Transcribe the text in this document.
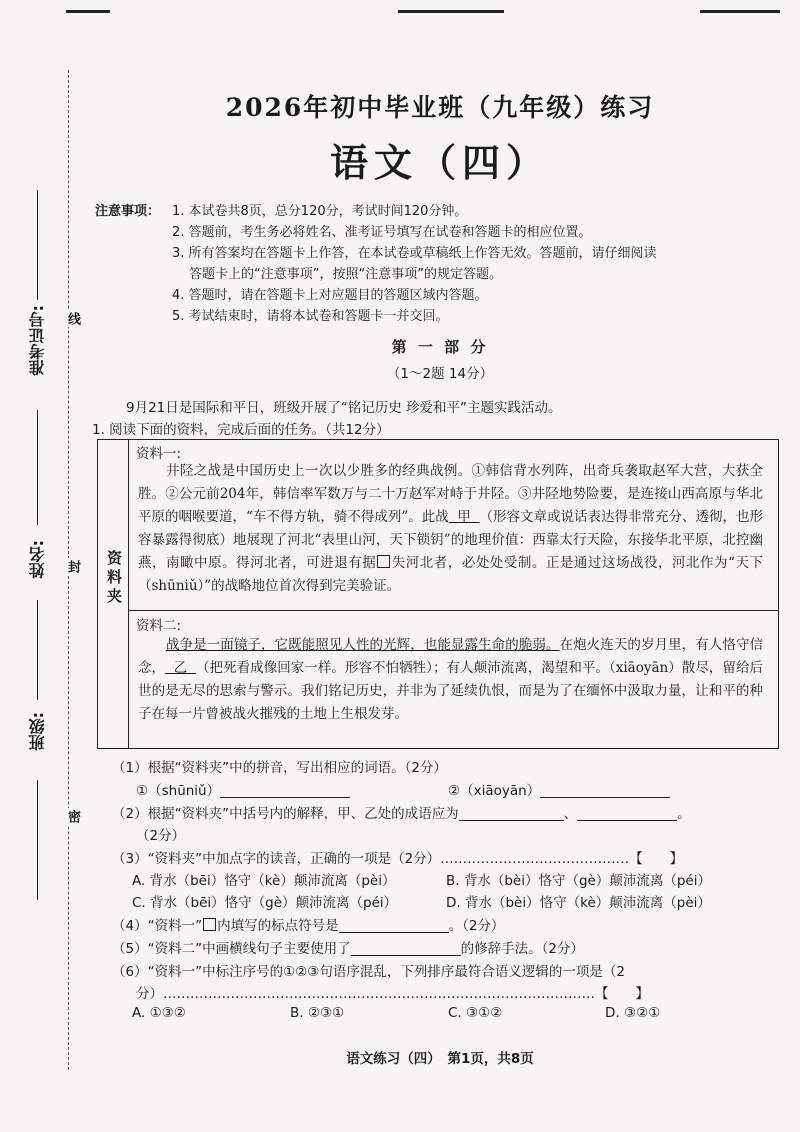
准考证号:
姓名:
班级:
线
封
密
2026年初中毕业班（九年级）练习
语文（四）
注意事项： 1. 本试卷共8页，总分120分，考试时间120分钟。
2. 答题前，考生务必将姓名、准考证号填写在试卷和答题卡的相应位置。
3. 所有答案均在答题卡上作答，在本试卷或草稿纸上作答无效。答题前，请仔细阅读
答题卡上的“注意事项”，按照“注意事项”的规定答题。
4. 答题时，请在答题卡上对应题目的答题区域内答题。
5. 考试结束时，请将本试卷和答题卡一并交回。
第 一 部 分
（1～2题 14分）
9月21日是国际和平日，班级开展了“铭记历史 珍爱和平”主题实践活动。
1. 阅读下面的资料，完成后面的任务。（共12分）
资料夹
资料一:
井陉之战是中国历史上一次以少胜多的经典战例。①韩信背水列阵，出奇兵袭取赵军大营，大获全胜。②公元前204年，韩信率军数万与二十万赵军对峙于井陉。③井陉地势险要，是连接山西高原与华北平原的咽喉要道，“车不得方轨，骑不得成列”。此战 甲 （形容文章或说话表达得非常充分、透彻，也形容暴露得彻底）地展现了河北“表里山河，天下锁钥”的地理价值：西靠太行天险，东接华北平原，北控幽燕，南瞰中原。得河北者，可进退有据 失河北者，必处处受制。正是通过这场战役，河北作为“天下（shūniǔ）”的战略地位首次得到完美验证。
资料二:
战争是一面镜子，它既能照见人性的光辉，也能显露生命的脆弱。在炮火连天的岁月里，有人恪守信念， 乙 （把死看成像回家一样。形容不怕牺牲）；有人颠沛流离，渴望和平。（xiāoyān）散尽，留给后世的是无尽的思索与警示。我们铭记历史，并非为了延续仇恨，而是为了在缅怀中汲取力量，让和平的种子在每一片曾被战火摧残的土地上生根发芽。
（1）根据“资料夹”中的拼音，写出相应的词语。（2分）
①（shūniǔ）	②（xiāoyān）
（2）根据“资料夹”中括号内的解释，甲、乙处的成语应为	、	。
（2分）
（3）“资料夹”中加点字的读音，正确的一项是（2分）……………………………………【　　】
A. 背水（bēi）恪守（kè）颠沛流离（pèi）	B. 背水（bèi）恪守（gè）颠沛流离（péi）
C. 背水（bēi）恪守（gè）颠沛流离（péi）	D. 背水（bèi）恪守（kè）颠沛流离（pèi）
（4）“资料一” 内填写的标点符号是	。（2分）
（5）“资料二”中画横线句子主要使用了	的修辞手法。（2分）
（6）“资料一”中标注序号的①②③句语序混乱，下列排序最符合语义逻辑的一项是（2
分）……………………………………………………………………………………【　　】
A. ①③②	B. ②③①	C. ③①②	D. ③②①
语文练习（四）　第1页，共8页
